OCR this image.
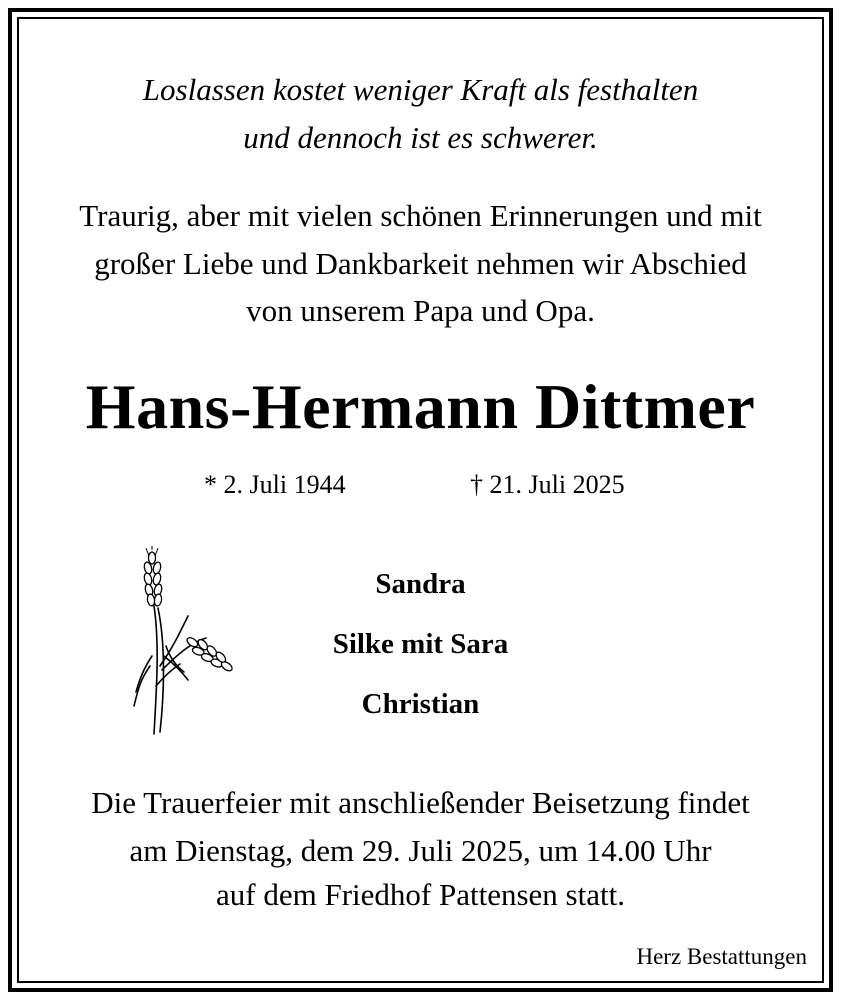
Loslassen kostet weniger Kraft als festhalten
und dennoch ist es schwerer.
Traurig, aber mit vielen schönen Erinnerungen und mit
großer Liebe und Dankbarkeit nehmen wir Abschied
von unserem Papa und Opa.
Hans-Hermann Dittmer
* 2. Juli 1944	† 21. Juli 2025
Sandra
Silke mit Sara
Christian
Die Trauerfeier mit anschließender Beisetzung findet
am Dienstag, dem 29. Juli 2025, um 14.00 Uhr
auf dem Friedhof Pattensen statt.
Herz Bestattungen
